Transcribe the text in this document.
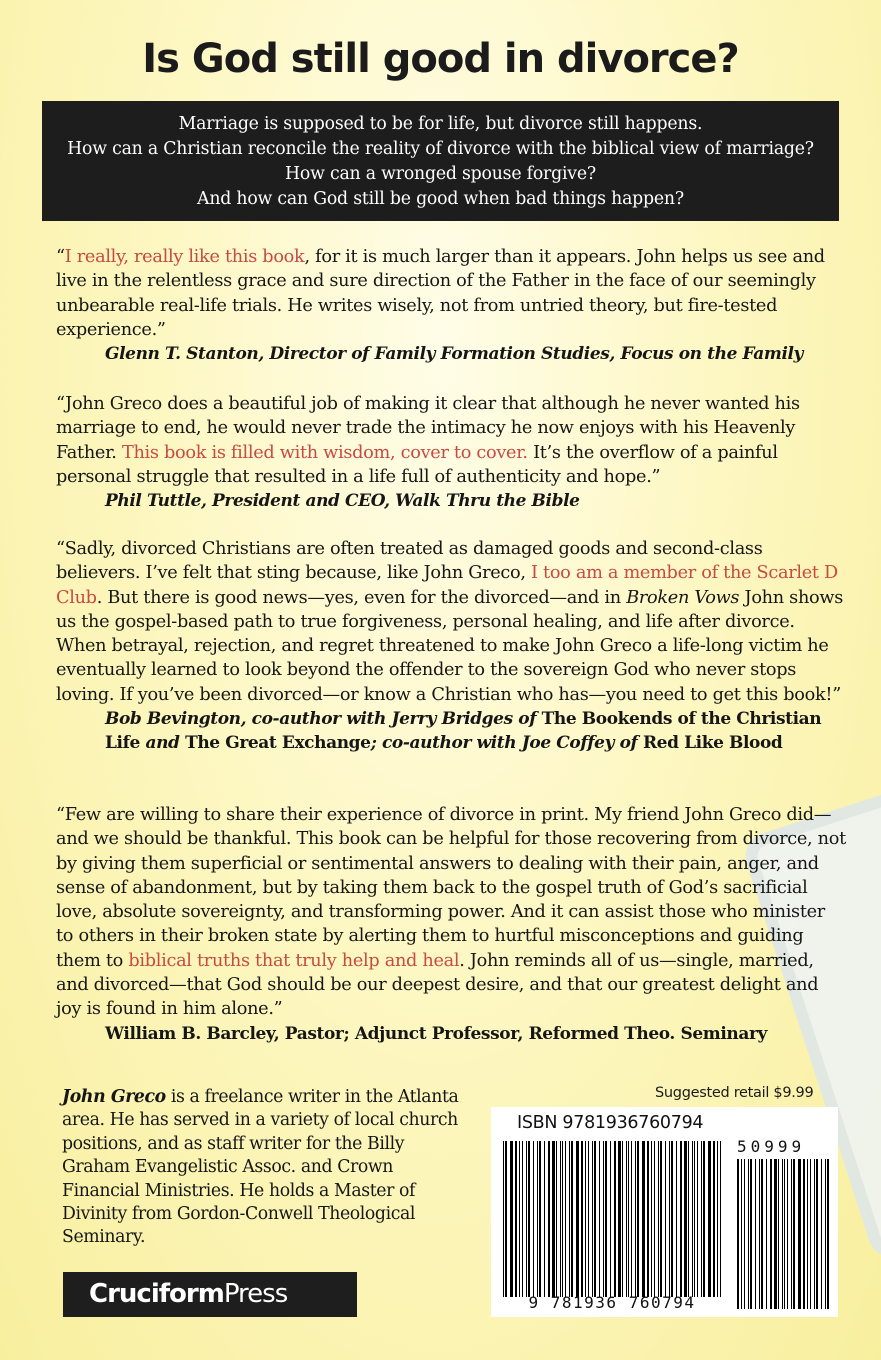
Is God still good in divorce?

Marriage is supposed to be for life, but divorce still happens.

How can a Christian reconcile the reality of divorce with the biblical view of marriage?

How can a wronged spouse forgive?

And how can God still be good when bad things happen?

“I really, really like this book, for it is much larger than it appears. John helps us see and live in the relentless grace and sure direction of the Father in the face of our seemingly unbearable real-life trials. He writes wisely, not from untried theory, but fire-tested experience.”

Glenn T. Stanton, Director of Family Formation Studies, Focus on the Family

“John Greco does a beautiful job of making it clear that although he never wanted his marriage to end, he would never trade the intimacy he now enjoys with his Heavenly Father. This book is filled with wisdom, cover to cover. It’s the overflow of a painful personal struggle that resulted in a life full of authenticity and hope.”

Phil Tuttle, President and CEO, Walk Thru the Bible

“Sadly, divorced Christians are often treated as damaged goods and second-class believers. I’ve felt that sting because, like John Greco, I too am a member of the Scarlet D Club. But there is good news—yes, even for the divorced—and in Broken Vows John shows us the gospel-based path to true forgiveness, personal healing, and life after divorce. When betrayal, rejection, and regret threatened to make John Greco a life-long victim he eventually learned to look beyond the offender to the sovereign God who never stops loving. If you’ve been divorced—or know a Christian who has—you need to get this book!”

Bob Bevington, co-author with Jerry Bridges of The Bookends of the Christian

Life and The Great Exchange; co-author with Joe Coffey of Red Like Blood

“Few are willing to share their experience of divorce in print. My friend John Greco did—and we should be thankful. This book can be helpful for those recovering from divorce, not by giving them superficial or sentimental answers to dealing with their pain, anger, and sense of abandonment, but by taking them back to the gospel truth of God’s sacrificial love, absolute sovereignty, and transforming power. And it can assist those who minister to others in their broken state by alerting them to hurtful misconceptions and guiding them to biblical truths that truly help and heal. John reminds all of us—single, married, and divorced—that God should be our deepest desire, and that our greatest delight and joy is found in him alone.”

William B. Barcley, Pastor; Adjunct Professor, Reformed Theo. Seminary

John Greco is a freelance writer in the Atlanta area. He has served in a variety of local church positions, and as staff writer for the Billy Graham Evangelistic Assoc. and Crown Financial Ministries. He holds a Master of Divinity from Gordon-Conwell Theological Seminary.

CruciformPress
Suggested retail $9.99
ISBN 9781936760794
50999
9 781936 760794
